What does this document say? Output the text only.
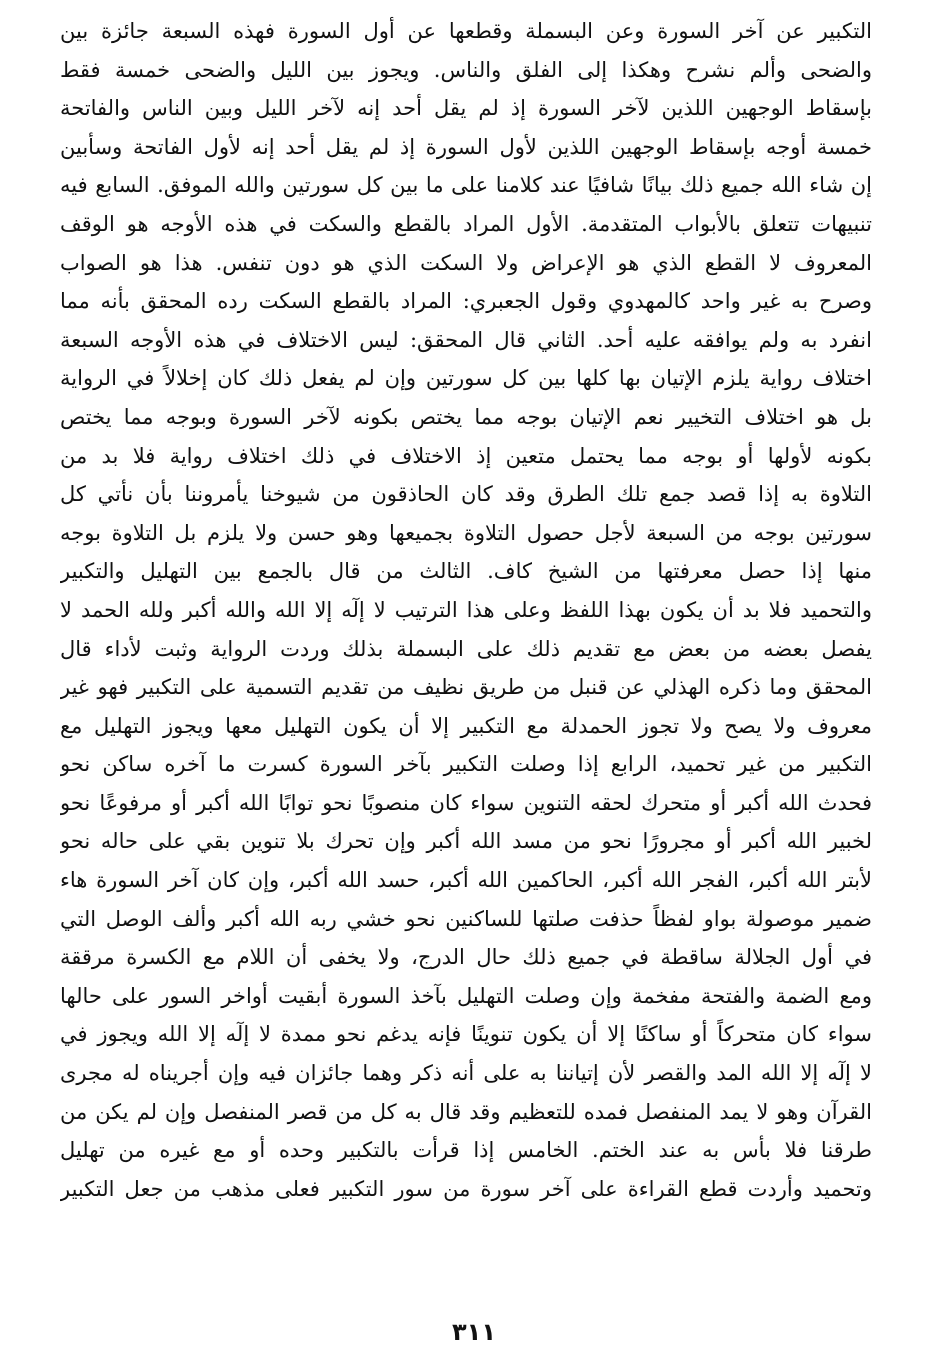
التكبير عن آخر السورة وعن البسملة وقطعها عن أول السورة فهذه السبعة جائزة بين
والضحى وألم نشرح وهكذا إلى الفلق والناس. ويجوز بين الليل والضحى خمسة فقط
بإسقاط الوجهين اللذين لآخر السورة إذ لم يقل أحد إنه لآخر الليل وبين الناس والفاتحة
خمسة أوجه بإسقاط الوجهين اللذين لأول السورة إذ لم يقل أحد إنه لأول الفاتحة وسأبين
إن شاء الله جميع ذلك بيانًا شافيًا عند كلامنا على ما بين كل سورتين والله الموفق. السابع فيه
تنبيهات تتعلق بالأبواب المتقدمة. الأول المراد بالقطع والسكت في هذه الأوجه هو الوقف
المعروف لا القطع الذي هو الإعراض ولا السكت الذي هو دون تنفس. هذا هو الصواب
وصرح به غير واحد كالمهدوي وقول الجعبري: المراد بالقطع السكت رده المحقق بأنه مما
انفرد به ولم يوافقه عليه أحد. الثاني قال المحقق: ليس الاختلاف في هذه الأوجه السبعة
اختلاف رواية يلزم الإتيان بها كلها بين كل سورتين وإن لم يفعل ذلك كان إخلالاً في الرواية
بل هو اختلاف التخيير نعم الإتيان بوجه مما يختص بكونه لآخر السورة وبوجه مما يختص
بكونه لأولها أو بوجه مما يحتمل متعين إذ الاختلاف في ذلك اختلاف رواية فلا بد من
التلاوة به إذا قصد جمع تلك الطرق وقد كان الحاذقون من شيوخنا يأمروننا بأن نأتي كل
سورتين بوجه من السبعة لأجل حصول التلاوة بجميعها وهو حسن ولا يلزم بل التلاوة بوجه
منها إذا حصل معرفتها من الشيخ كاف. الثالث من قال بالجمع بين التهليل والتكبير
والتحميد فلا بد أن يكون بهذا اللفظ وعلى هذا الترتيب لا إلٓه إلا الله والله أكبر ولله الحمد لا
يفصل بعضه من بعض مع تقديم ذلك على البسملة بذلك وردت الرواية وثبت لأداء قال
المحقق وما ذكره الهذلي عن قنبل من طريق نظيف من تقديم التسمية على التكبير فهو غير
معروف ولا يصح ولا تجوز الحمدلة مع التكبير إلا أن يكون التهليل معها ويجوز التهليل مع
التكبير من غير تحميد، الرابع إذا وصلت التكبير بآخر السورة كسرت ما آخره ساكن نحو
فحدث الله أكبر أو متحرك لحقه التنوين سواء كان منصوبًا نحو توابًا الله أكبر أو مرفوعًا نحو
لخبير الله أكبر أو مجرورًا نحو من مسد الله أكبر وإن تحرك بلا تنوين بقي على حاله نحو
لأبتر الله أكبر، الفجر الله أكبر، الحاكمين الله أكبر، حسد الله أكبر، وإن كان آخر السورة هاء
ضمير موصولة بواو لفظاً حذفت صلتها للساكنين نحو خشي ربه الله أكبر وألف الوصل التي
في أول الجلالة ساقطة في جميع ذلك حال الدرج، ولا يخفى أن اللام مع الكسرة مرققة
ومع الضمة والفتحة مفخمة وإن وصلت التهليل بآخذ السورة أبقيت أواخر السور على حالها
سواء كان متحركاً أو ساكنًا إلا أن يكون تنوينًا فإنه يدغم نحو ممدة لا إلٓه إلا الله ويجوز في
لا إلٓه إلا الله المد والقصر لأن إتياننا به على أنه ذكر وهما جائزان فيه وإن أجريناه له مجرى
القرآن وهو لا يمد المنفصل فمده للتعظيم وقد قال به كل من قصر المنفصل وإن لم يكن من
طرقنا فلا بأس به عند الختم. الخامس إذا قرأت بالتكبير وحده أو مع غيره من تهليل
وتحميد وأردت قطع القراءة على آخر سورة من سور التكبير فعلى مذهب من جعل التكبير
٣١١
